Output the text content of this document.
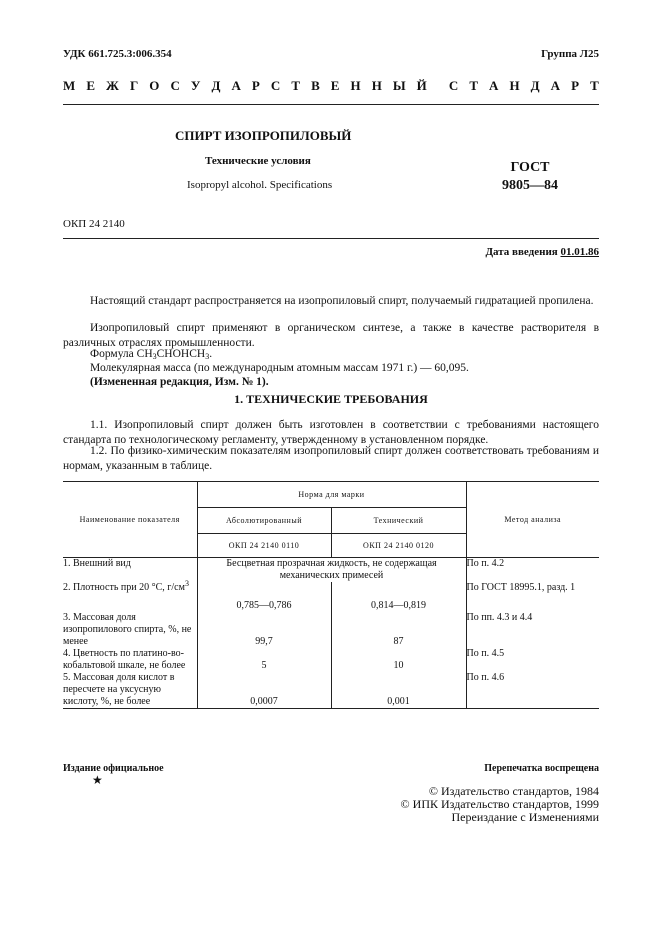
УДК 661.725.3:006.354	Группа Л25
М Е Ж Г О С У Д А Р С Т В Е Н Н Ы Й С Т А Н Д А Р Т
СПИРТ ИЗОПРОПИЛОВЫЙ
Технические условия
Isopropyl alcohol. Specifications
ГОСТ
9805—84
ОКП 24 2140
Дата введения 01.01.86
Настоящий стандарт распространяется на изопропиловый спирт, получаемый гидратацией пропилена.
Изопропиловый спирт применяют в органическом синтезе, а также в качестве растворителя в различных отраслях промышленности.
Формула $CH_3CHOHCH_3$.
Молекулярная масса (по международным атомным массам 1971 г.) — 60,095.
(Измененная редакция, Изм. № 1).
1. ТЕХНИЧЕСКИЕ ТРЕБОВАНИЯ
1.1. Изопропиловый спирт должен быть изготовлен в соответствии с требованиями настоящего стандарта по технологическому регламенту, утвержденному в установленном порядке.
1.2. По физико-химическим показателям изопропиловый спирт должен соответствовать требованиям и нормам, указанным в таблице.
Наименование показателя	Норма для марки		Метод анализа
	Абсолютированный	Технический	
	ОКП 24 2140 0110	ОКП 24 2140 0120	
1. Внешний вид	Бесцветная прозрачная жидкость, не содержащая механических примесей		По п. 4.2
2. Плотность при 20 °С, $г/см^3$	0,785—0,786	0,814—0,819	По ГОСТ 18995.1, разд. 1
3. Массовая доля изопропилового спирта, %, не менее	99,7	87	По пп. 4.3 и 4.4
4. Цветность по платино-во-кобальтовой шкале, не более	5	10	По п. 4.5
5. Массовая доля кислот в пересчете на уксусную кислоту, %, не более	0,0007	0,001	По п. 4.6
Издание официальное
★
Перепечатка воспрещена
© Издательство стандартов, 1984
© ИПК Издательство стандартов, 1999
Переиздание с Изменениями
